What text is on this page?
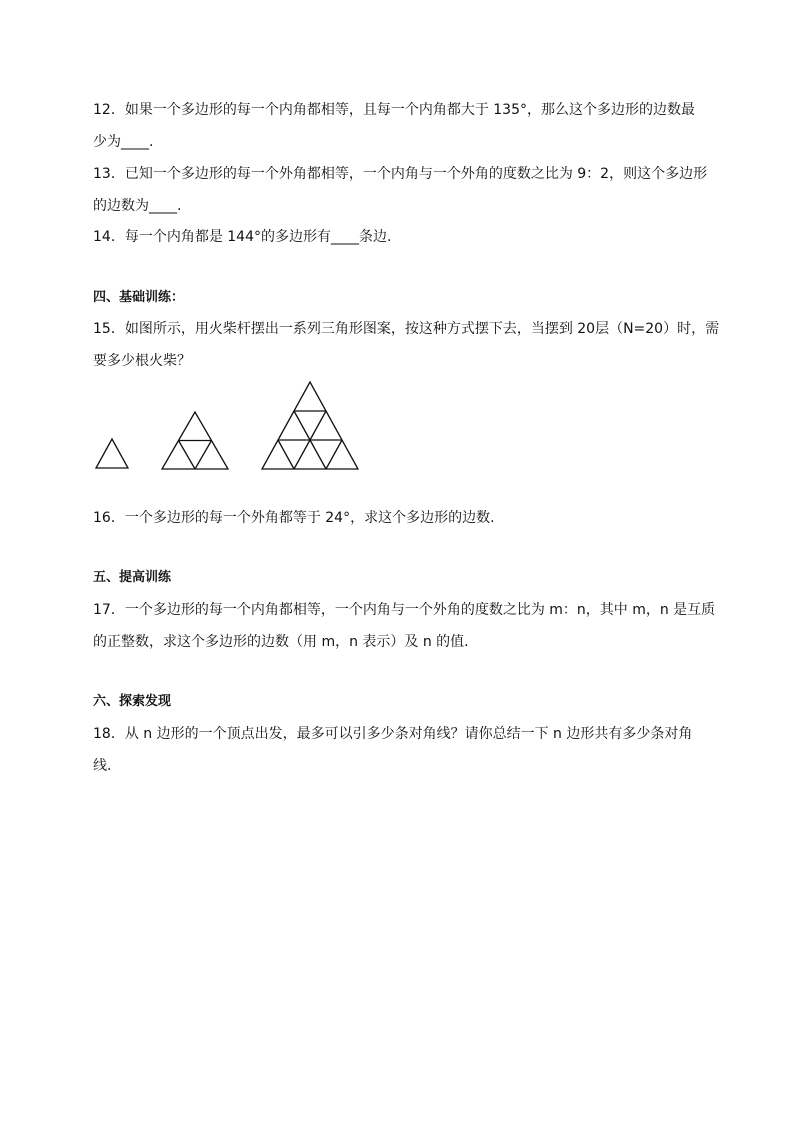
12．如果一个多边形的每一个内角都相等，且每一个内角都大于 135°，那么这个多边形的边数最
少为____.
13．已知一个多边形的每一个外角都相等，一个内角与一个外角的度数之比为 9：2，则这个多边形
的边数为____.
14．每一个内角都是 144°的多边形有____条边.
四、基础训练：
15．如图所示，用火柴杆摆出一系列三角形图案，按这种方式摆下去，当摆到 20层（N=20）时，需
要多少根火柴？
16．一个多边形的每一个外角都等于 24°，求这个多边形的边数.
五、提高训练
17．一个多边形的每一个内角都相等，一个内角与一个外角的度数之比为 m：n，其中 m，n 是互质
的正整数，求这个多边形的边数（用 m，n 表示）及 n 的值.
六、探索发现
18．从 n 边形的一个顶点出发，最多可以引多少条对角线？请你总结一下 n 边形共有多少条对角
线.
